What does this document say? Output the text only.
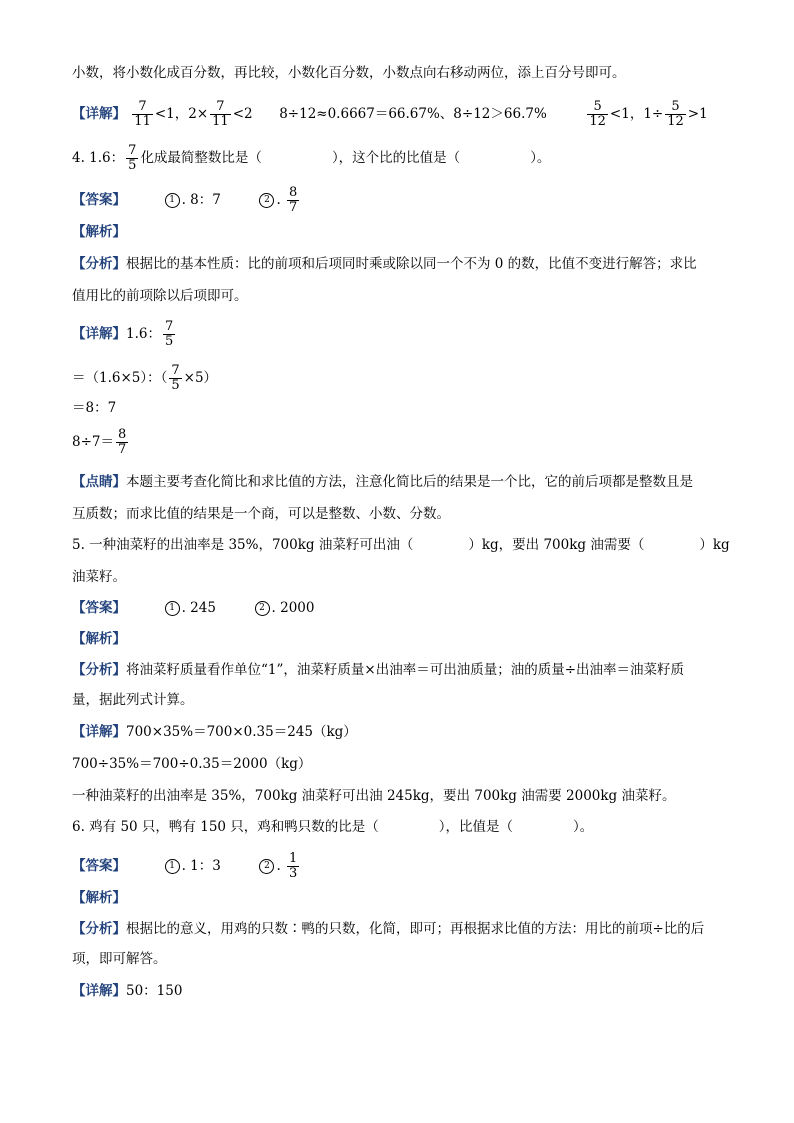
小数，将小数化成百分数，再比较，小数化百分数，小数点向右移动两位，添上百分号即可。
【详解】 $\frac{7}{11} <1$，$2\times \frac{7}{11} <2$ 8÷12≈0.6667＝66.67%、8÷12＞66.7%	$\frac{5}{12} <1$，$1\div \frac{5}{12} >1$
4. 1.6： $\frac{7}{5}$ 化成最简整数比是（	），这个比的比值是（	）。
【答案】	1 . 8：7	2 . $\frac{8}{7}$
【解析】
【分析】根据比的基本性质：比的前项和后项同时乘或除以同一个不为 0 的数，比值不变进行解答；求比
值用比的前项除以后项即可。
【详解】1.6： $\frac{7}{5}$
＝（1.6×5）：（ $\frac{7}{5} \times 5$）
＝8：7
$8\div 7= \frac{8}{7}$
【点睛】本题主要考查化简比和求比值的方法，注意化简比后的结果是一个比，它的前后项都是整数且是
互质数；而求比值的结果是一个商，可以是整数、小数、分数。
5. 一种油菜籽的出油率是 35%，700kg 油菜籽可出油（	）kg，要出 700kg 油需要（	）kg
油菜籽。
【答案】	1 . 245	2 . 2000
【解析】
【分析】将油菜籽质量看作单位“1”，油菜籽质量×出油率＝可出油质量；油的质量÷出油率＝油菜籽质
量，据此列式计算。
【详解】700×35%＝700×0.35＝245（kg）
700÷35%＝700÷0.35＝2000（kg）
一种油菜籽的出油率是 35%，700kg 油菜籽可出油 245kg，要出 700kg 油需要 2000kg 油菜籽。
6. 鸡有 50 只，鸭有 150 只，鸡和鸭只数的比是（	），比值是（	）。
【答案】	1 . 1：3	2 . $\frac{1}{3}$
【解析】
【分析】根据比的意义，用鸡的只数∶鸭的只数，化简，即可；再根据求比值的方法：用比的前项÷比的后
项，即可解答。
【详解】50：150
